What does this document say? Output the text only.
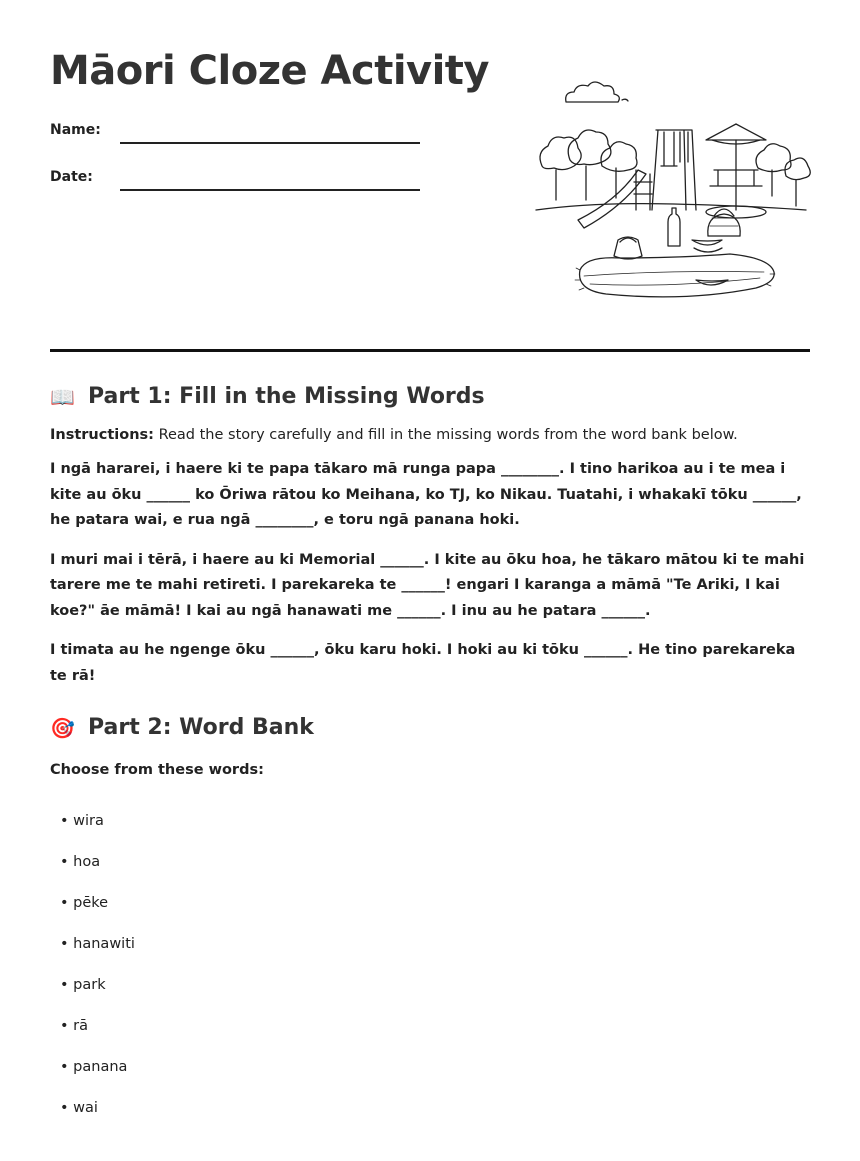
Māori Cloze Activity
Name:
Date:
📖 Part 1: Fill in the Missing Words

Instructions: Read the story carefully and fill in the missing words from the word bank below.

I ngā hararei, i haere ki te papa tākaro mā runga papa ________. I tino harikoa au i te mea i kite au ōku ______ ko Ōriwa rātou ko Meihana, ko TJ, ko Nikau. Tuatahi, i whakakī tōku ______, he patara wai, e rua ngā ________, e toru ngā panana hoki.

I muri mai i tērā, i haere au ki Memorial ______. I kite au ōku hoa, he tākaro mātou ki te mahi tarere me te mahi retireti. I parekareka te ______! engari I karanga a māmā "Te Ariki, I kai koe?" āe māmā! I kai au ngā hanawati me ______. I inu au he patara ______.

I timata au he ngenge ōku ______, ōku karu hoki. I hoki au ki tōku ______. He tino parekareka te rā!

🎯 Part 2: Word Bank

Choose from these words:

• wira
• hoa
• pēke
• hanawiti
• park
• rā
• panana
• wai
